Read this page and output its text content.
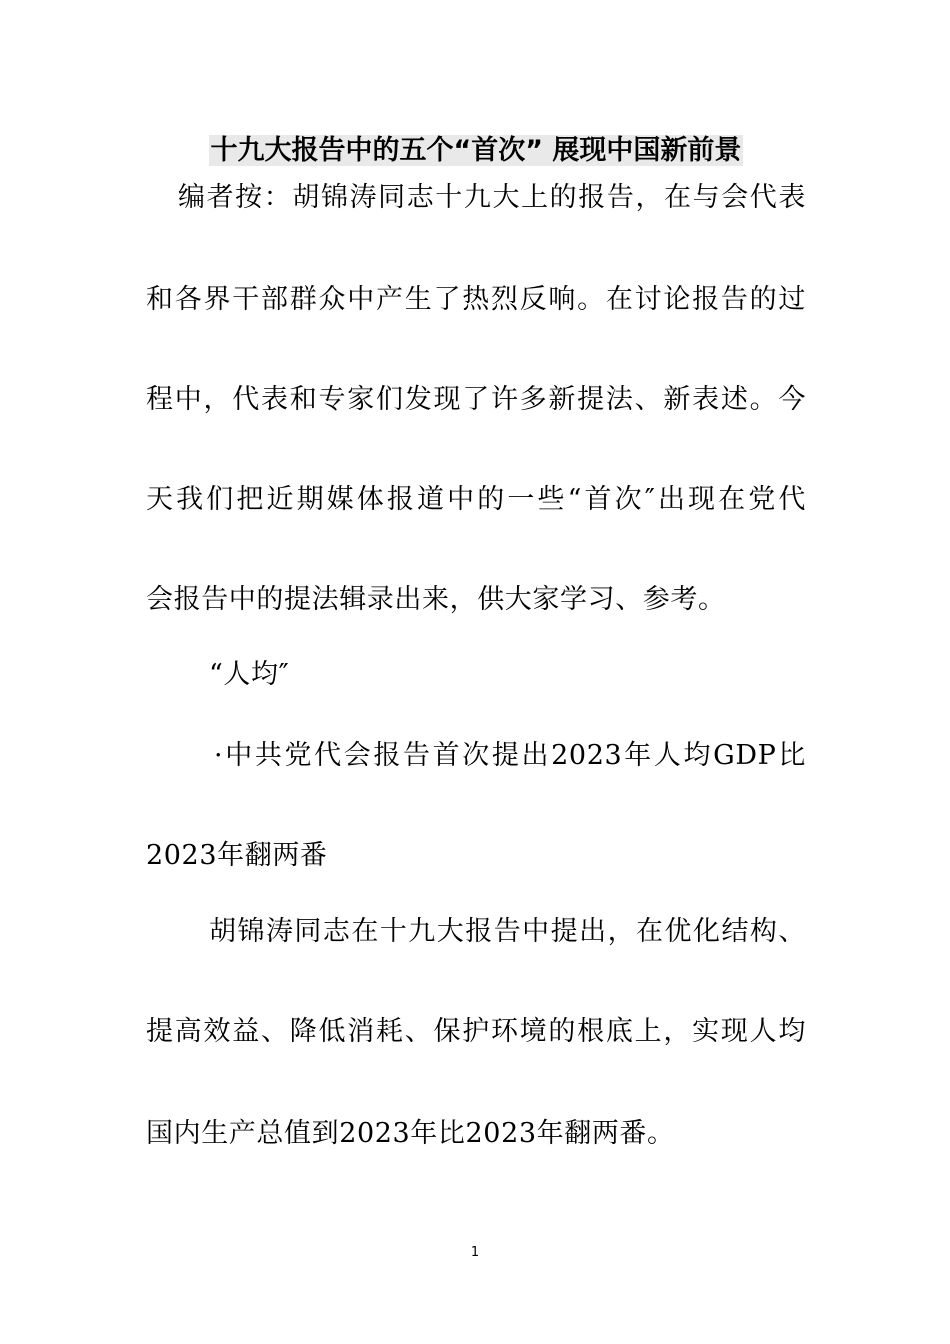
十九大报告中的五个“首次” 展现中国新前景
编者按：胡锦涛同志十九大上的报告，在与会代表
和各界干部群众中产生了热烈反响。在讨论报告的过
程中，代表和专家们发现了许多新提法、新表述。今
天我们把近期媒体报道中的一些“首次″出现在党代
会报告中的提法辑录出来，供大家学习、参考。
“人均″
·中共党代会报告首次提出2023年人均GDP比
2023年翻两番
胡锦涛同志在十九大报告中提出，在优化结构、
提高效益、降低消耗、保护环境的根底上，实现人均
国内生产总值到2023年比2023年翻两番。
1
